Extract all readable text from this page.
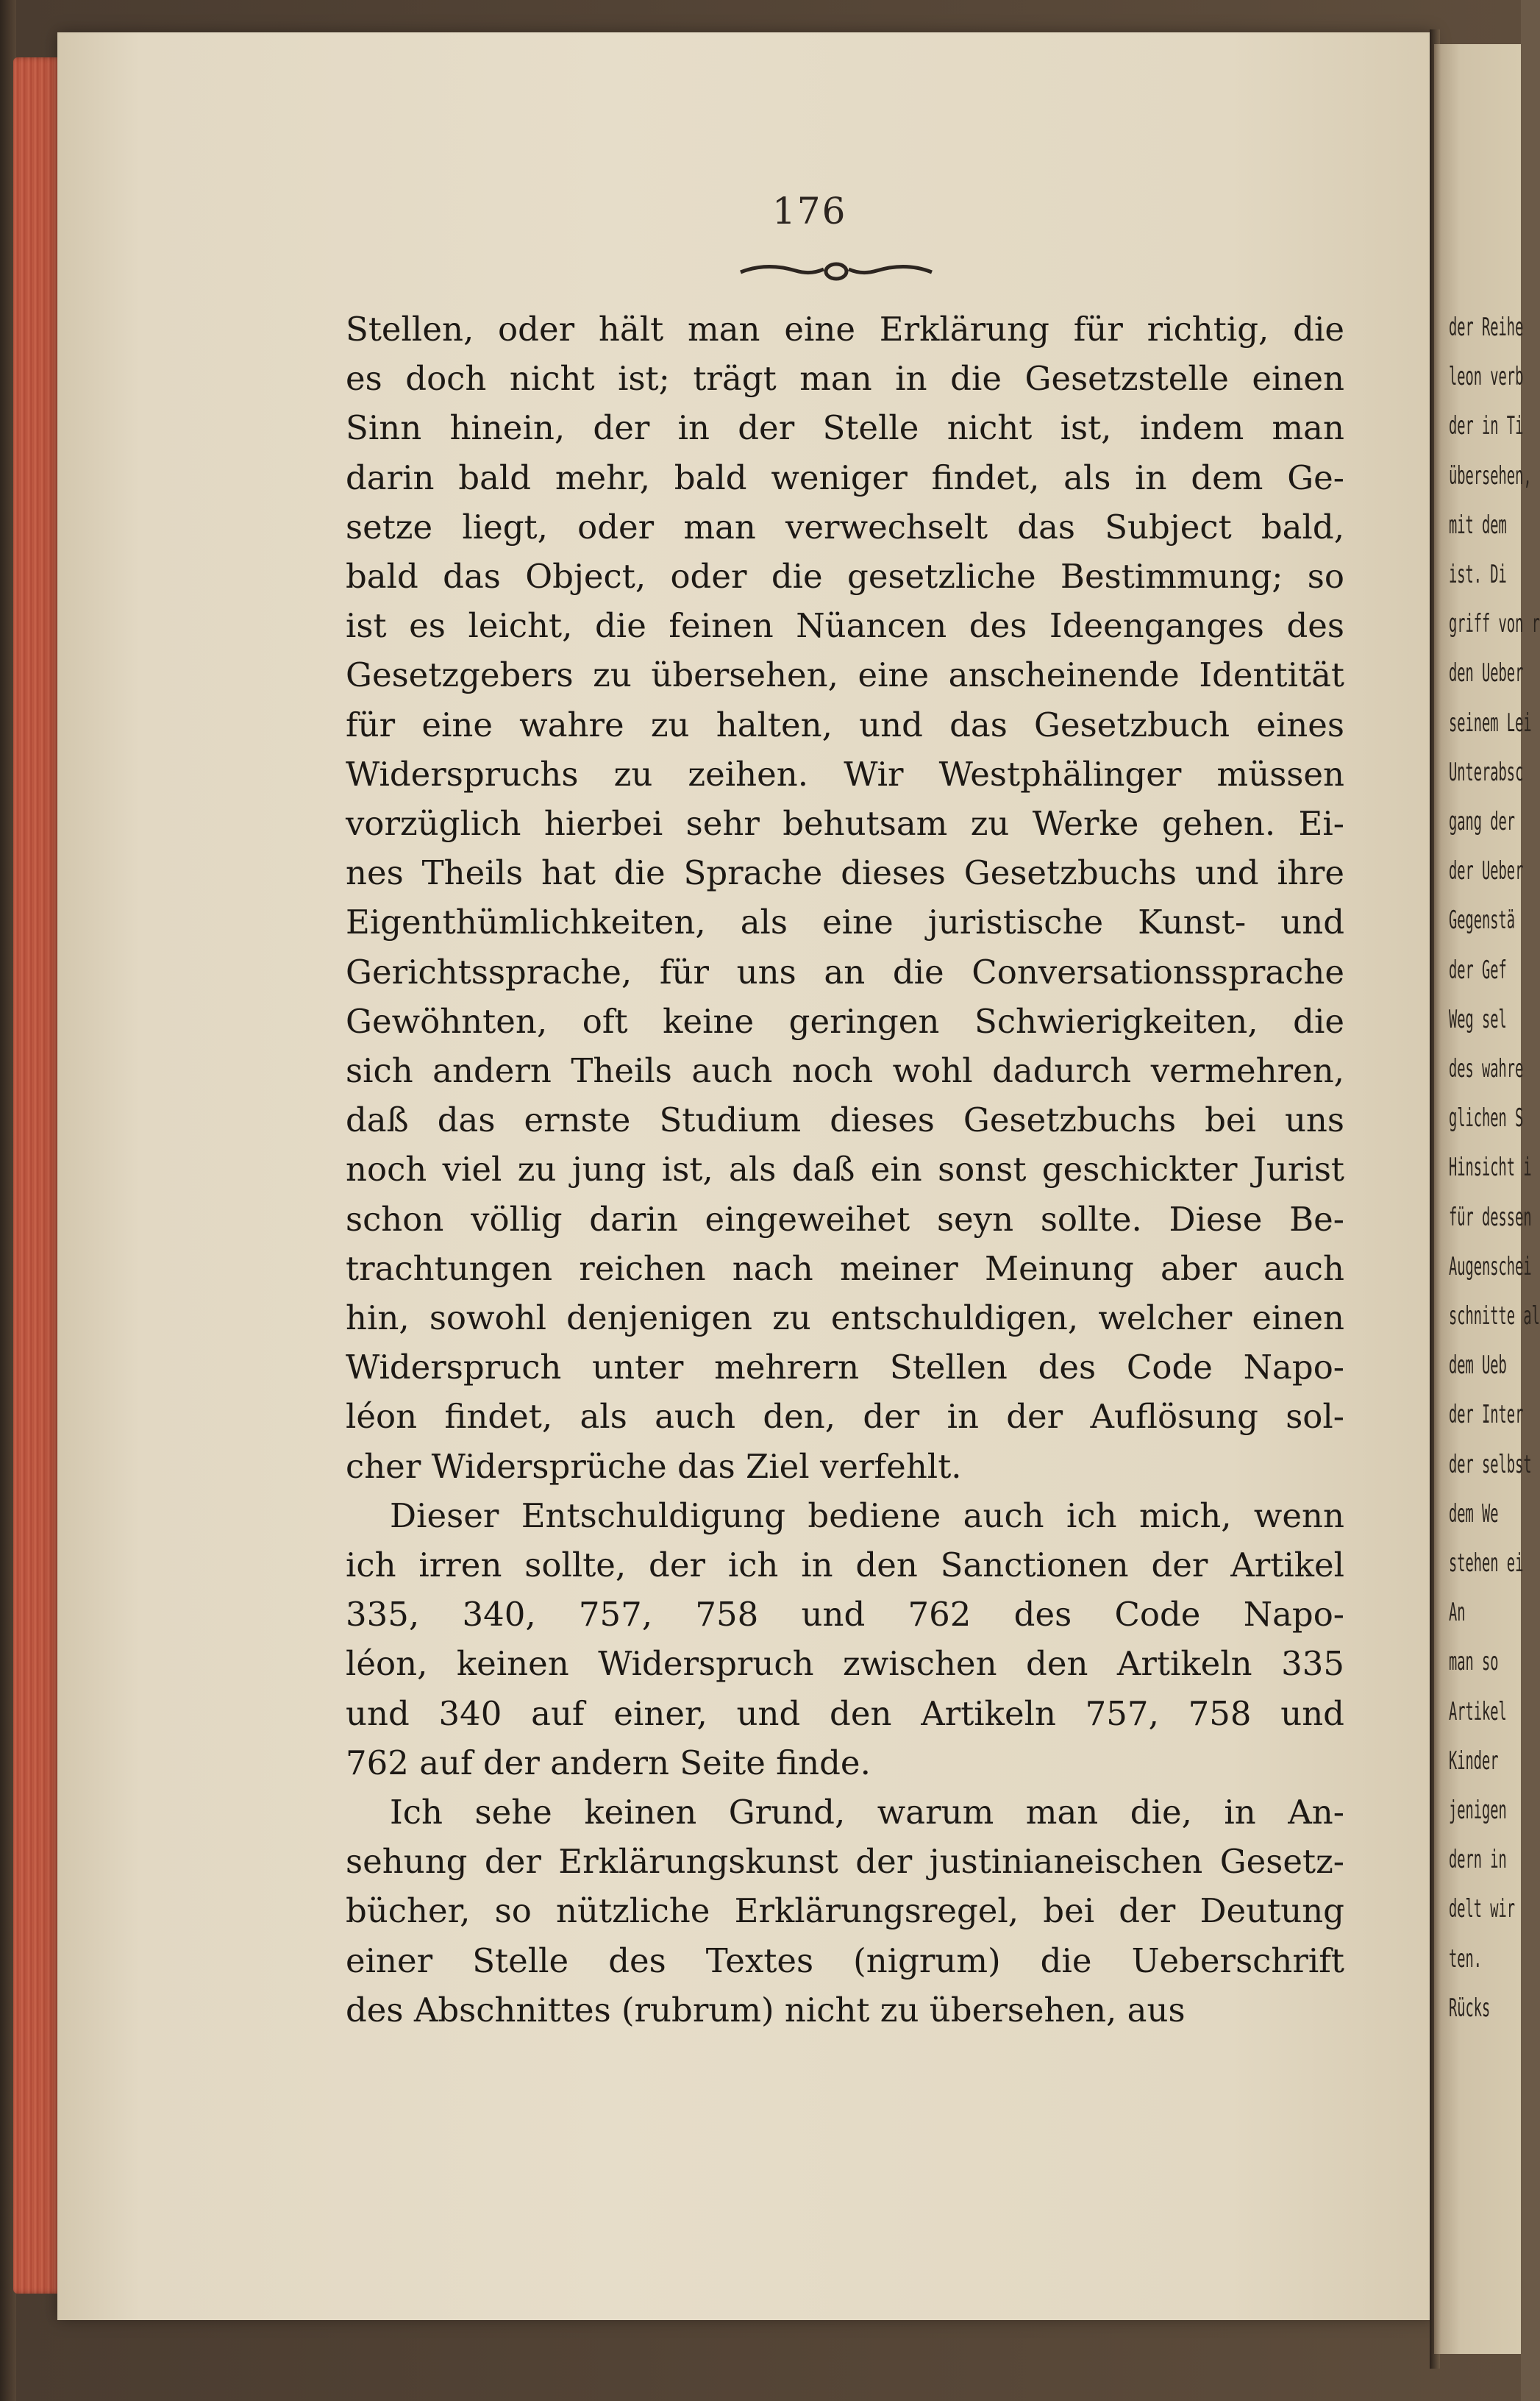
176
Stellen, oder hält man eine Erklärung für richtig, die
es doch nicht ist; trägt man in die Gesetzstelle einen
Sinn hinein, der in der Stelle nicht ist, indem man
darin bald mehr, bald weniger findet, als in dem Ge-
setze liegt, oder man verwechselt das Subject bald,
bald das Object, oder die gesetzliche Bestimmung; so
ist es leicht, die feinen Nüancen des Ideenganges des
Gesetzgebers zu übersehen, eine anscheinende Identität
für eine wahre zu halten, und das Gesetzbuch eines
Widerspruchs zu zeihen. Wir Westphälinger müssen
vorzüglich hierbei sehr behutsam zu Werke gehen. Ei-
nes Theils hat die Sprache dieses Gesetzbuchs und ihre
Eigenthümlichkeiten, als eine juristische Kunst- und
Gerichtssprache, für uns an die Conversationssprache
Gewöhnten, oft keine geringen Schwierigkeiten, die
sich andern Theils auch noch wohl dadurch vermehren,
daß das ernste Studium dieses Gesetzbuchs bei uns
noch viel zu jung ist, als daß ein sonst geschickter Jurist
schon völlig darin eingeweihet seyn sollte. Diese Be-
trachtungen reichen nach meiner Meinung aber auch
hin, sowohl denjenigen zu entschuldigen, welcher einen
Widerspruch unter mehrern Stellen des Code Napo-
léon findet, als auch den, der in der Auflösung sol-
cher Widersprüche das Ziel verfehlt.
Dieser Entschuldigung bediene auch ich mich, wenn
ich irren sollte, der ich in den Sanctionen der Artikel
335, 340, 757, 758 und 762 des Code Napo-
léon, keinen Widerspruch zwischen den Artikeln 335
und 340 auf einer, und den Artikeln 757, 758 und
762 auf der andern Seite finde.
Ich sehe keinen Grund, warum man die, in An-
sehung der Erklärungskunst der justinianeischen Gesetz-
bücher, so nützliche Erklärungsregel, bei der Deutung
einer Stelle des Textes (nigrum) die Ueberschrift
des Abschnittes (rubrum) nicht zu übersehen, aus
der Reihe
leon verb
der in Ti
übersehen,
mit dem
ist. Di
griff von r
den Ueber
seinem Lei
Unterabsc
gang der
der Ueber
Gegenstä
der Gef
Weg sel
des wahre
glichen S
Hinsicht i
für dessen
Augenschei
schnitte al
dem Ueb
der Inter
der selbst
dem We
stehen ei
An
man so
Artikel
Kinder
jenigen
dern in
delt wir
ten.
Rücks
